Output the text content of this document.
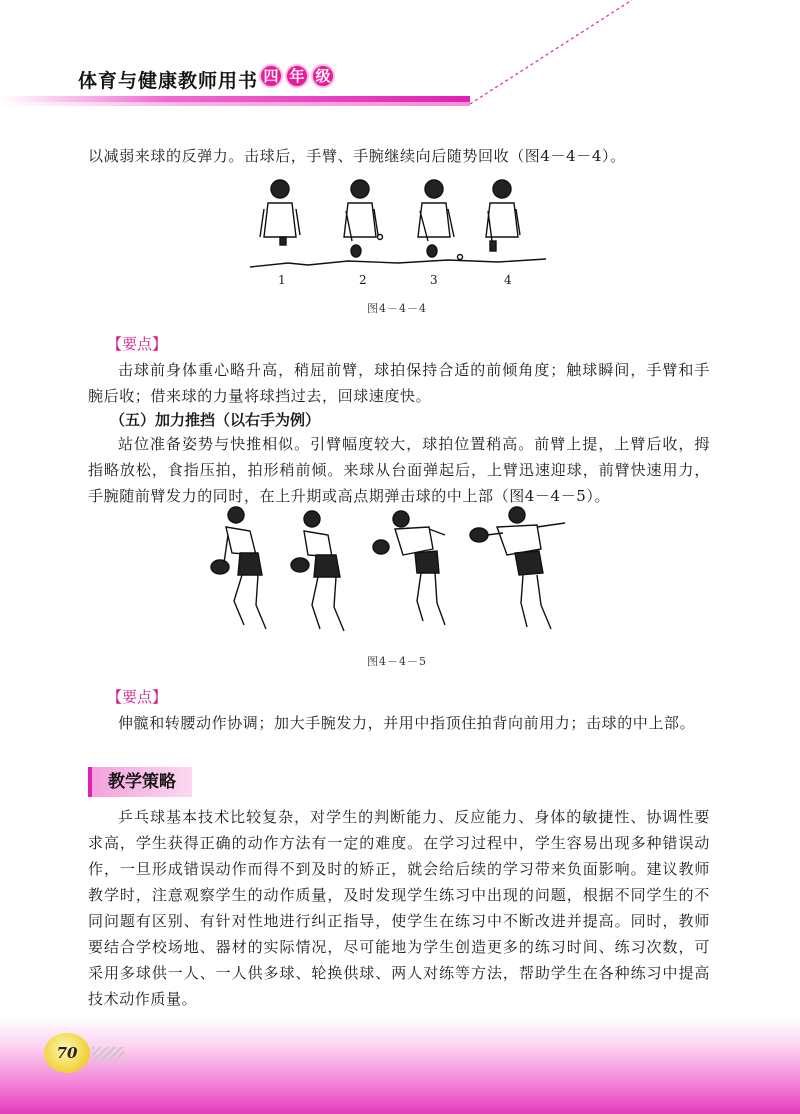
体育与健康教师用书 四 年 级

以减弱来球的反弹力。击球后，手臂、手腕继续向后随势回收（图4－4－4）。

1	2	3	4
图4－4－4
【要点】

击球前身体重心略升高，稍屈前臂，球拍保持合适的前倾角度；触球瞬间，手臂和手腕后收；借来球的力量将球挡过去，回球速度快。

（五）加力推挡（以右手为例）

站位准备姿势与快推相似。引臂幅度较大，球拍位置稍高。前臂上提，上臂后收，拇指略放松，食指压拍，拍形稍前倾。来球从台面弹起后，上臂迅速迎球，前臂快速用力，手腕随前臂发力的同时，在上升期或高点期弹击球的中上部（图4－4－5）。

图4－4－5
【要点】

伸髋和转腰动作协调；加大手腕发力，并用中指顶住拍背向前用力；击球的中上部。

教学策略

乒乓球基本技术比较复杂，对学生的判断能力、反应能力、身体的敏捷性、协调性要求高，学生获得正确的动作方法有一定的难度。在学习过程中，学生容易出现多种错误动作，一旦形成错误动作而得不到及时的矫正，就会给后续的学习带来负面影响。建议教师教学时，注意观察学生的动作质量，及时发现学生练习中出现的问题，根据不同学生的不同问题有区别、有针对性地进行纠正指导，使学生在练习中不断改进并提高。同时，教师要结合学校场地、器材的实际情况，尽可能地为学生创造更多的练习时间、练习次数，可采用多球供一人、一人供多球、轮换供球、两人对练等方法，帮助学生在各种练习中提高技术动作质量。

70
